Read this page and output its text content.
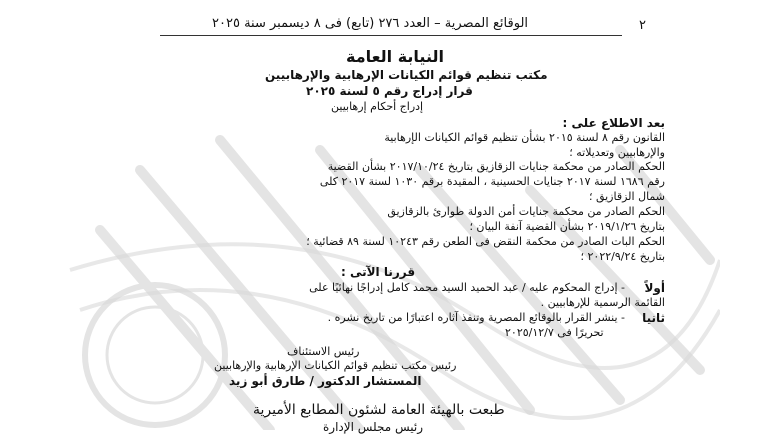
٢
الوقائع المصرية – العدد ٢٧٦ (تابع) فى ٨ ديسمبر سنة ٢٠٢٥
النيابة العامة
مكتب تنظيم قوائم الكيانات الإرهابية والإرهابيين
قرار إدراج رقم ٥ لسنة ٢٠٢٥
إدراج أحكام إرهابيين
بعد الاطلاع على :
القانون رقم ٨ لسنة ٢٠١٥ بشأن تنظيم قوائم الكيانات الإرهابية
والإرهابيين وتعديلاته ؛
الحكم الصادر من محكمة جنايات الزقازيق بتاريخ ٢٠١٧/١٠/٢٤ بشأن القضية
رقم ١٦٨٦ لسنة ٢٠١٧ جنايات الحسينية ، المقيدة برقم ١٠٣٠ لسنة ٢٠١٧ كلى
شمال الزقازيق ؛
الحكم الصادر من محكمة جنايات أمن الدولة طوارئ بالزقازيق
بتاريخ ٢٠١٩/١/٢٦ بشأن القضية آنفة البيان ؛
الحكم البات الصادر من محكمة النقض فى الطعن رقم ١٠٢٤٣ لسنة ٨٩ قضائية ؛
بتاريخ ٢٠٢٢/٩/٢٤ ؛
قررنا الآتى :
أولاً
- إدراج المحكوم عليه / عبد الحميد السيد محمد كامل إدراجًا نهائيًا على
القائمة الرسمية للإرهابيين .
ثانيا
- ينشر القرار بالوقائع المصرية وتنفذ آثاره اعتبارًا من تاريخ نشره .
تحريرًا فى ٢٠٢٥/١٢/٧
رئيس الاستئناف
رئيس مكتب تنظيم قوائم الكيانات الإرهابية والإرهابيين
المستشار الدكتور / طارق أبو زيد
طبعت بالهيئة العامة لشئون المطابع الأميرية
رئيس مجلس الإدارة
